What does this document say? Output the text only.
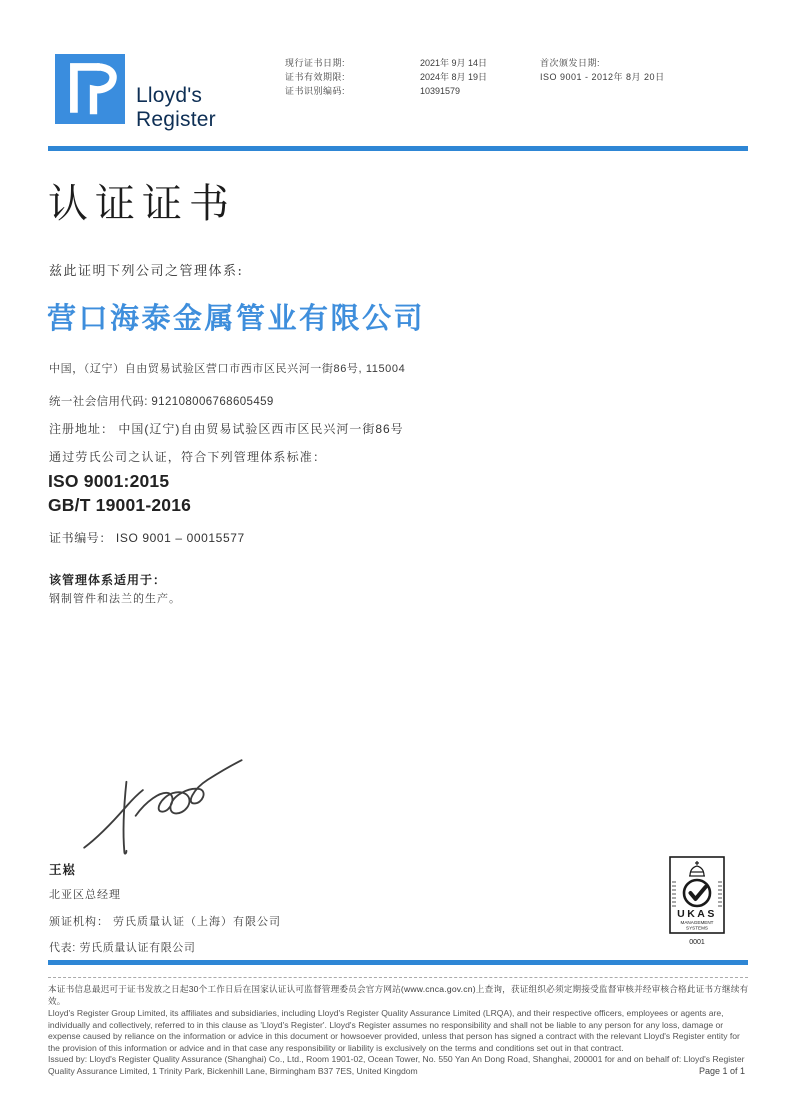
Lloyd's
Register
现行证书日期:	2021年 9月 14日	首次颁发日期:
证书有效期限:	2024年 8月 19日	ISO 9001 - 2012年 8月 20日
证书识别编码:	10391579
认证证书
兹此证明下列公司之管理体系:
营口海泰金属管业有限公司
中国，（辽宁）自由贸易试验区营口市西市区民兴河一街86号, 115004
统一社会信用代码: 912108006768605459
注册地址： 中国(辽宁)自由贸易试验区西市区民兴河一街86号
通过劳氏公司之认证，符合下列管理体系标准：
ISO 9001:2015
GB/T 19001-2016
证书编号： ISO 9001 – 00015577
该管理体系适用于：
钢制管件和法兰的生产。
王崧
北亚区总经理
颁证机构： 劳氏质量认证（上海）有限公司
代表: 劳氏质量认证有限公司
UKAS
MANAGEMENT
SYSTEMS
0001
本证书信息最迟可于证书发放之日起30个工作日后在国家认证认可监督管理委员会官方网站(www.cnca.gov.cn)上查询，获证组织必须定期接受监督审核并经审核合格此证书方继续有效。
Lloyd's Register Group Limited, its affiliates and subsidiaries, including Lloyd's Register Quality Assurance Limited (LRQA), and their respective officers, employees or agents are, individually and collectively, referred to in this clause as 'Lloyd's Register'. Lloyd's Register assumes no responsibility and shall not be liable to any person for any loss, damage or expense caused by reliance on the information or advice in this document or howsoever provided, unless that person has signed a contract with the relevant Lloyd's Register entity for the provision of this information or advice and in that case any responsibility or liability is exclusively on the terms and conditions set out in that contract.
Issued by: Lloyd's Register Quality Assurance (Shanghai) Co., Ltd., Room 1901-02, Ocean Tower, No. 550 Yan An Dong Road, Shanghai, 200001 for and on behalf of: Lloyd's Register Quality Assurance Limited, 1 Trinity Park, Bickenhill Lane, Birmingham B37 7ES, United Kingdom	Page 1 of 1
